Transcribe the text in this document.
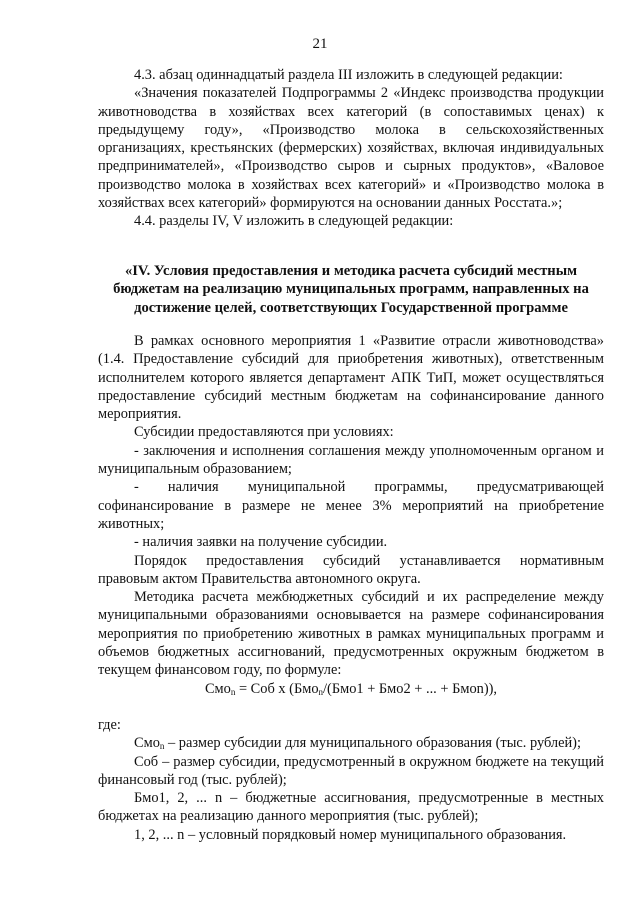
21

4.3. абзац одиннадцатый раздела III изложить в следующей редакции:

«Значения показателей Подпрограммы 2 «Индекс производства продукции животноводства в хозяйствах всех категорий (в сопоставимых ценах) к предыдущему году», «Производство молока в сельскохозяйственных организациях, крестьянских (фермерских) хозяйствах, включая индивидуальных предпринимателей», «Производство сыров и сырных продуктов», «Валовое производство молока в хозяйствах всех категорий» и «Производство молока в хозяйствах всех категорий» формируются на основании данных Росстата.»;

4.4. разделы IV, V изложить в следующей редакции:

«IV. Условия предоставления и методика расчета субсидий местным бюджетам на реализацию муниципальных программ, направленных на достижение целей, соответствующих Государственной программе

В рамках основного мероприятия 1 «Развитие отрасли животноводства» (1.4. Предоставление субсидий для приобретения животных), ответственным исполнителем которого является департамент АПК ТиП, может осуществляться предоставление субсидий местным бюджетам на софинансирование данного мероприятия.

Субсидии предоставляются при условиях:

- заключения и исполнения соглашения между уполномоченным органом и муниципальным образованием;

- наличия муниципальной программы, предусматривающей софинансирование в размере не менее 3% мероприятий на приобретение животных;

- наличия заявки на получение субсидии.

Порядок предоставления субсидий устанавливается нормативным правовым актом Правительства автономного округа.

Методика расчета межбюджетных субсидий и их распределение между муниципальными образованиями основывается на размере софинансирования мероприятия по приобретению животных в рамках муниципальных программ и объемов бюджетных ассигнований, предусмотренных окружным бюджетом в текущем финансовом году, по формуле:

Смо$_n$ = Соб х (Бмо$_n$/(Бмо1 + Бмо2 + ... + Бмоn)),

где:

Смо$_n$ – размер субсидии для муниципального образования (тыс. рублей);

Соб – размер субсидии, предусмотренный в окружном бюджете на текущий финансовый год (тыс. рублей);

Бмо1, 2, ... n – бюджетные ассигнования, предусмотренные в местных бюджетах на реализацию данного мероприятия (тыс. рублей);

1, 2, ... n – условный порядковый номер муниципального образования.
